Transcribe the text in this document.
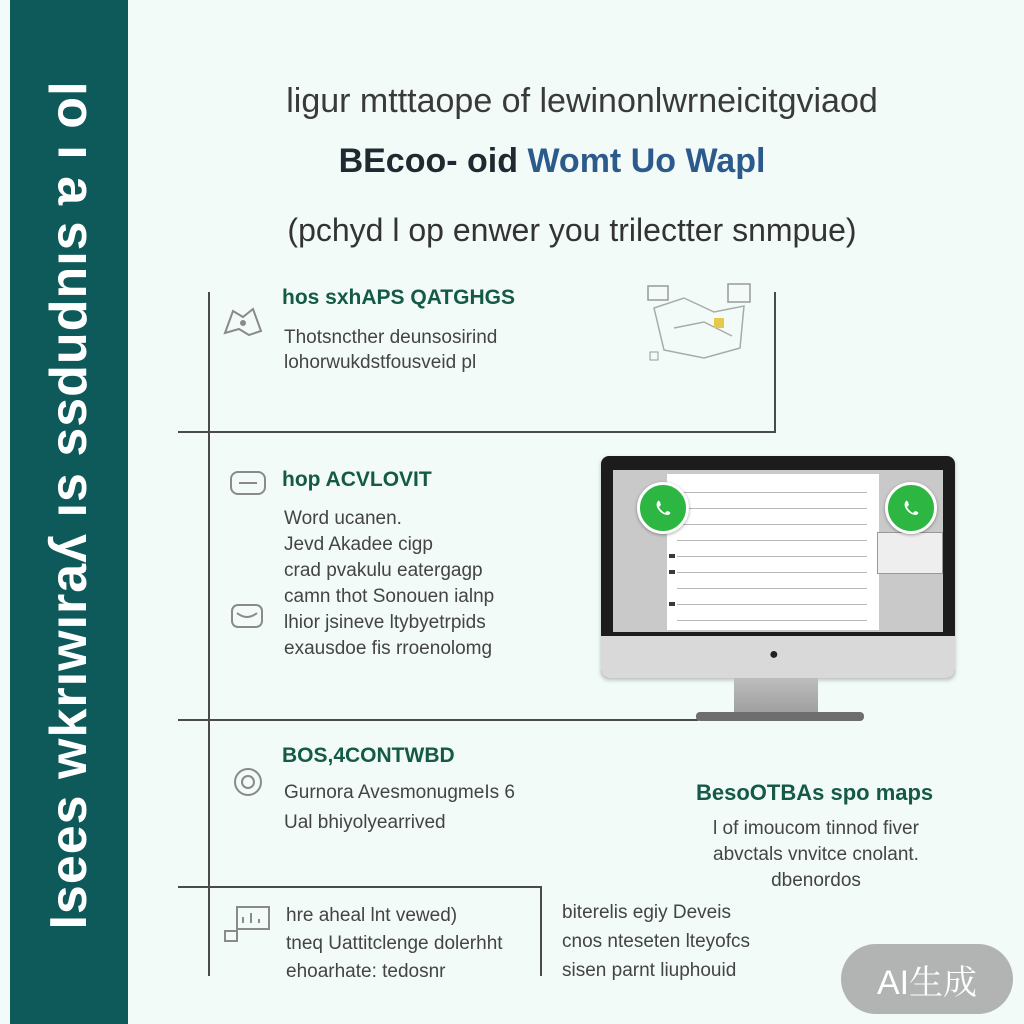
Iseeѕ wkrıwıraʎ ıs ssdudnıs ɐ ı ol	ligur mtttaope of lewinonlwrneicitgviaod
BEcoo- oid Womt Uo Wapl
(pchyd l op enwer you trilectter snmpue)
hos sxhAPS QATGHGS
Thotsncther deunsosirind
lohorwukdstfousveid pl
hop ACVLOVIT
Word ucanen.
Jevd Akadee cigp
crad pvakulu eatergagp
camn thot Sonouen ialnp
lhior jsineve ltybyetrpids
exausdoe fis rroenolomg	●
BOS,4CONTWBD
Gurnora AvesmonugmeIs 6
Ual bhiyolyearrived
BesoOTBAs spo maps
l of imoucom tinnod fiver
abvctals vnvitce cnolant.
dbenordos
hre aheal lnt vewed)
tneq Uattitclenge dolerhht
ehoarhate: tedosnr
biterelis egiy Deveis
cnos nteseten lteyofcs
sisen parnt liuphouid	AI生成
